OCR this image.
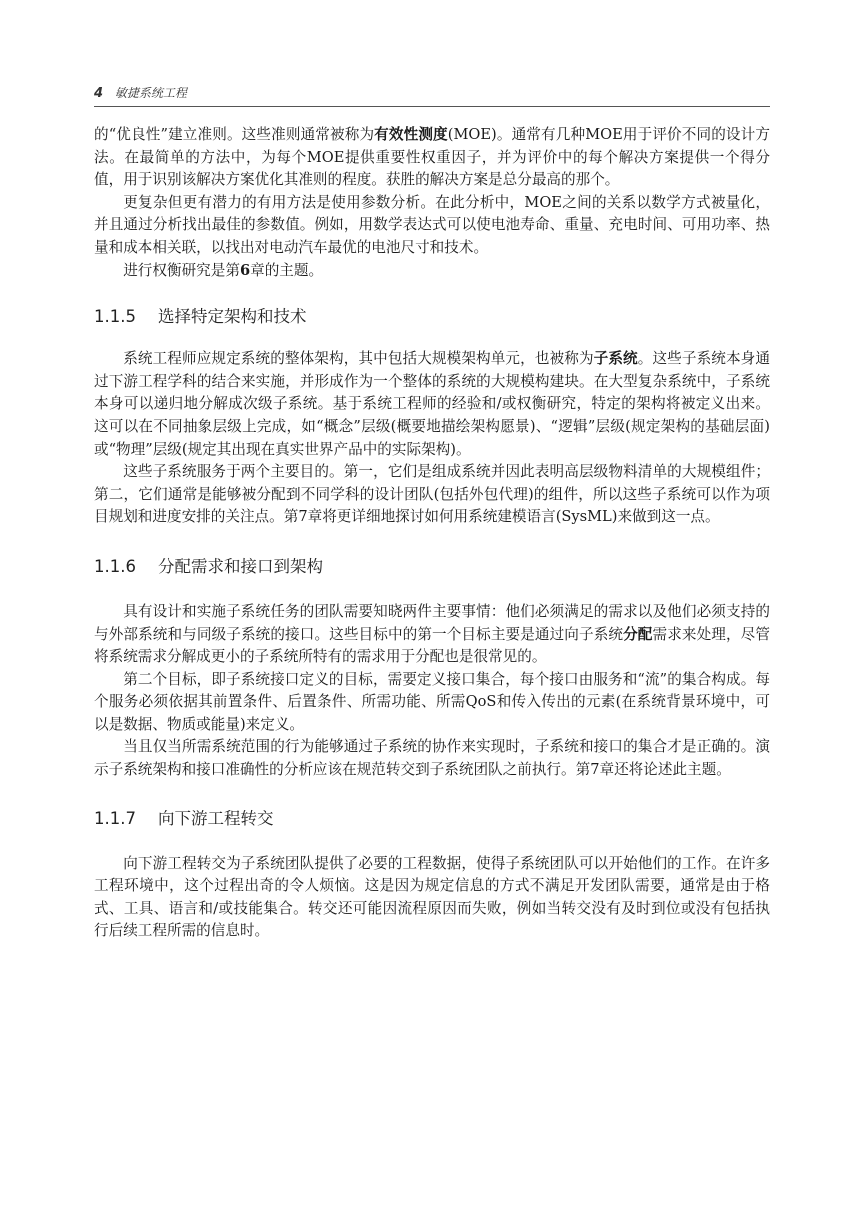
4 敏捷系统工程

的“优良性”建立准则。这些准则通常被称为有效性测度(MOE)。通常有几种MOE用于评价不同的设计方法。在最简单的方法中，为每个MOE提供重要性权重因子，并为评价中的每个解决方案提供一个得分值，用于识别该解决方案优化其准则的程度。获胜的解决方案是总分最高的那个。

更复杂但更有潜力的有用方法是使用参数分析。在此分析中，MOE之间的关系以数学方式被量化，并且通过分析找出最佳的参数值。例如，用数学表达式可以使电池寿命、重量、充电时间、可用功率、热量和成本相关联，以找出对电动汽车最优的电池尺寸和技术。

进行权衡研究是第6章的主题。

1.1.5 选择特定架构和技术

系统工程师应规定系统的整体架构，其中包括大规模架构单元，也被称为子系统。这些子系统本身通过下游工程学科的结合来实施，并形成作为一个整体的系统的大规模构建块。在大型复杂系统中，子系统本身可以递归地分解成次级子系统。基于系统工程师的经验和/或权衡研究，特定的架构将被定义出来。这可以在不同抽象层级上完成，如“概念”层级(概要地描绘架构愿景)、“逻辑”层级(规定架构的基础层面)或“物理”层级(规定其出现在真实世界产品中的实际架构)。

这些子系统服务于两个主要目的。第一，它们是组成系统并因此表明高层级物料清单的大规模组件；第二，它们通常是能够被分配到不同学科的设计团队(包括外包代理)的组件，所以这些子系统可以作为项目规划和进度安排的关注点。第7章将更详细地探讨如何用系统建模语言(SysML)来做到这一点。

1.1.6 分配需求和接口到架构

具有设计和实施子系统任务的团队需要知晓两件主要事情：他们必须满足的需求以及他们必须支持的与外部系统和与同级子系统的接口。这些目标中的第一个目标主要是通过向子系统分配需求来处理，尽管将系统需求分解成更小的子系统所特有的需求用于分配也是很常见的。

第二个目标，即子系统接口定义的目标，需要定义接口集合，每个接口由服务和“流”的集合构成。每个服务必须依据其前置条件、后置条件、所需功能、所需QoS和传入传出的元素(在系统背景环境中，可以是数据、物质或能量)来定义。

当且仅当所需系统范围的行为能够通过子系统的协作来实现时，子系统和接口的集合才是正确的。演示子系统架构和接口准确性的分析应该在规范转交到子系统团队之前执行。第7章还将论述此主题。

1.1.7 向下游工程转交

向下游工程转交为子系统团队提供了必要的工程数据，使得子系统团队可以开始他们的工作。在许多工程环境中，这个过程出奇的令人烦恼。这是因为规定信息的方式不满足开发团队需要，通常是由于格式、工具、语言和/或技能集合。转交还可能因流程原因而失败，例如当转交没有及时到位或没有包括执行后续工程所需的信息时。
